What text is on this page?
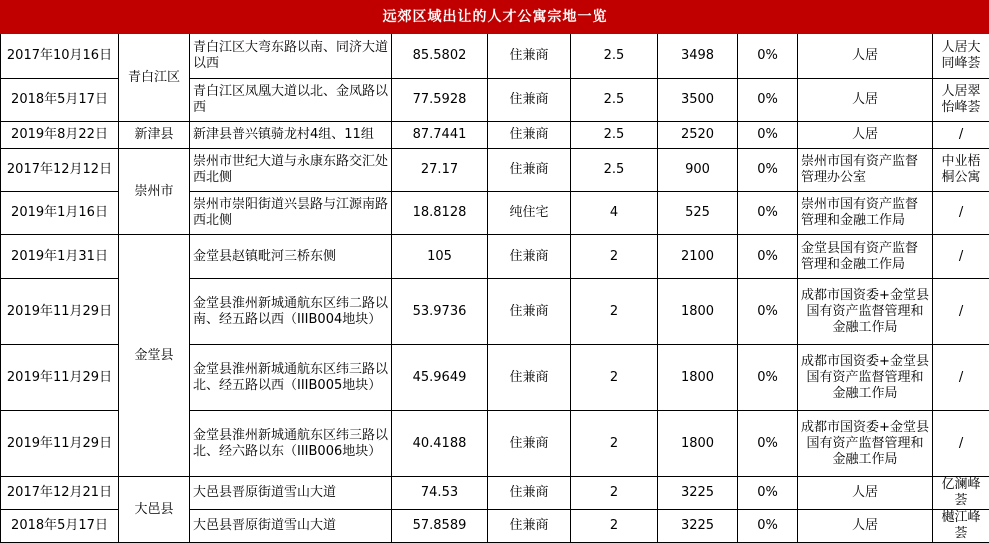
远郊区域出让的人才公寓宗地一览									
2017年10月16日	青白江区	青白江区大弯东路以南、同济大道以西	85.5802	住兼商	2.5	3498	0%	人居	人居大同峰荟
2018年5月17日		青白江区凤凰大道以北、金凤路以西	77.5928	住兼商	2.5	3500	0%	人居	人居翠怡峰荟
2019年8月22日	新津县	新津县普兴镇骑龙村4组、11组	87.7441	住兼商	2.5	2520	0%	人居	/
2017年12月12日	崇州市	崇州市世纪大道与永康东路交汇处西北侧	27.17	住兼商	2.5	900	0%	崇州市国有资产监督管理办公室	中业梧桐公寓
2019年1月16日		崇州市崇阳街道兴昙路与江源南路西北侧	18.8128	纯住宅	4	525	0%	崇州市国有资产监督管理和金融工作局	/
2019年1月31日	金堂县	金堂县赵镇毗河三桥东侧	105	住兼商	2	2100	0%	金堂县国有资产监督管理和金融工作局	/
2019年11月29日		金堂县淮州新城通航东区纬二路以南、经五路以西（IIIB004地块）	53.9736	住兼商	2	1800	0%	成都市国资委+金堂县国有资产监督管理和金融工作局	/
2019年11月29日		金堂县淮州新城通航东区纬三路以北、经五路以西（IIIB005地块）	45.9649	住兼商	2	1800	0%	成都市国资委+金堂县国有资产监督管理和金融工作局	/
2019年11月29日		金堂县淮州新城通航东区纬三路以北、经六路以东（IIIB006地块）	40.4188	住兼商	2	1800	0%	成都市国资委+金堂县国有资产监督管理和金融工作局	/
2017年12月21日	大邑县	大邑县晋原街道雪山大道	74.53	住兼商	2	3225	0%	人居	亿澜峰荟
2018年5月17日		大邑县晋原街道雪山大道	57.8589	住兼商	2	3225	0%	人居	樾江峰荟
